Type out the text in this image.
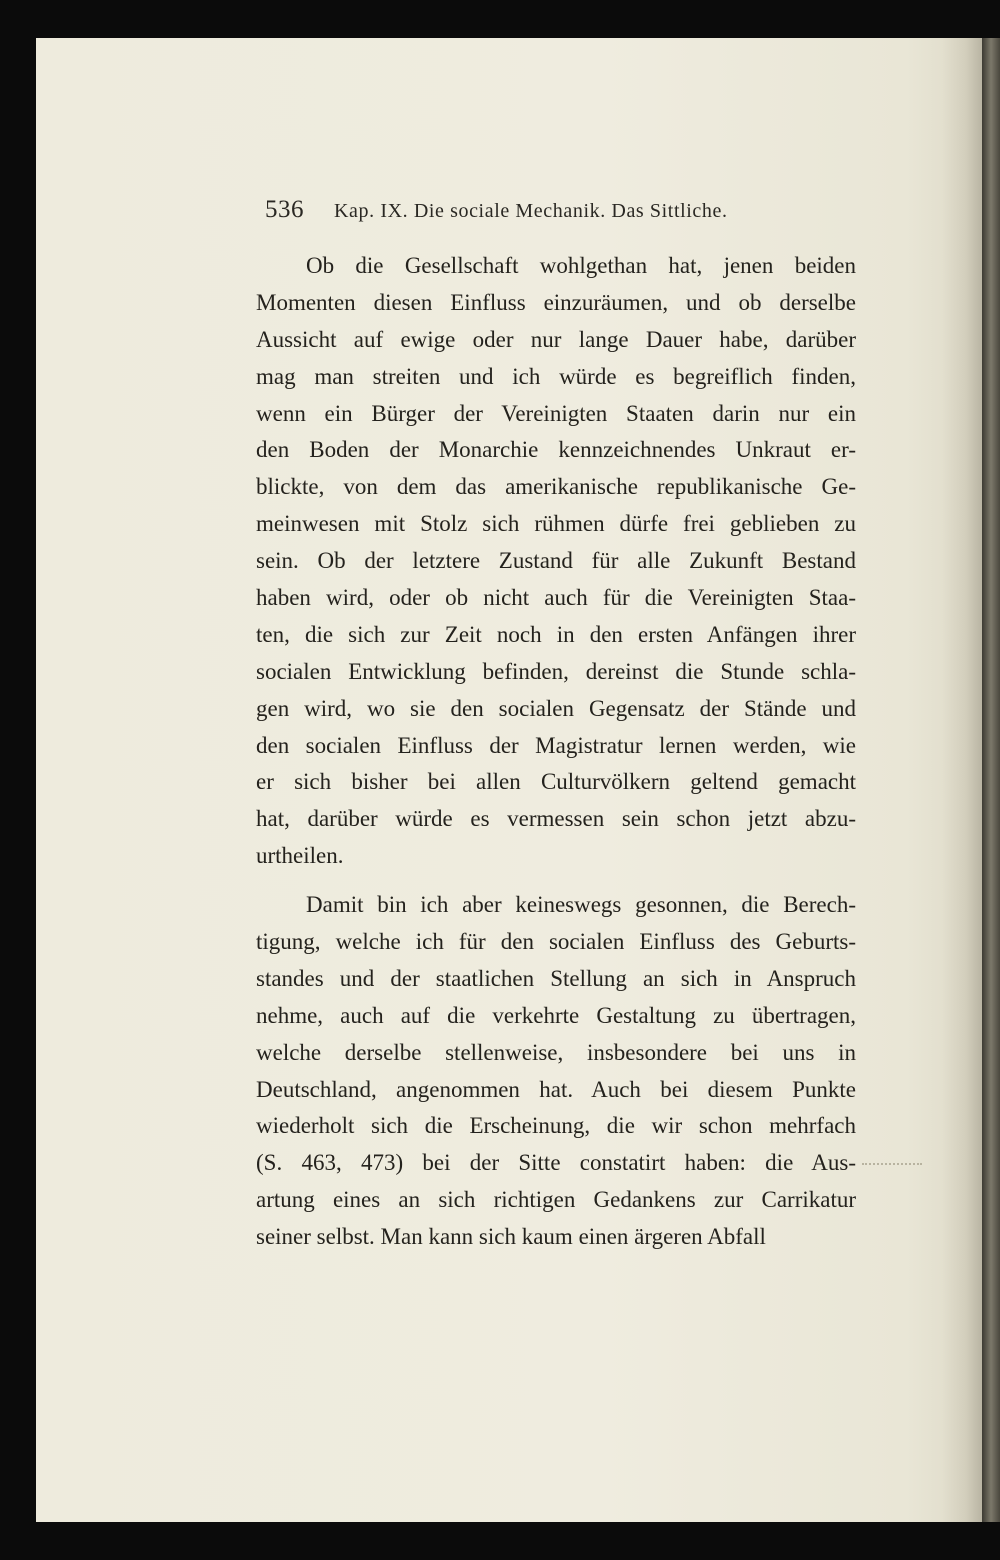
536 Kap. IX. Die sociale Mechanik. Das Sittliche.
Ob die Gesellschaft wohlgethan hat, jenen beiden
Momenten diesen Einfluss einzuräumen, und ob derselbe
Aussicht auf ewige oder nur lange Dauer habe, darüber
mag man streiten und ich würde es begreiflich finden,
wenn ein Bürger der Vereinigten Staaten darin nur ein
den Boden der Monarchie kennzeichnendes Unkraut er-
blickte, von dem das amerikanische republikanische Ge-
meinwesen mit Stolz sich rühmen dürfe frei geblieben zu
sein. Ob der letztere Zustand für alle Zukunft Bestand
haben wird, oder ob nicht auch für die Vereinigten Staa-
ten, die sich zur Zeit noch in den ersten Anfängen ihrer
socialen Entwicklung befinden, dereinst die Stunde schla-
gen wird, wo sie den socialen Gegensatz der Stände und
den socialen Einfluss der Magistratur lernen werden, wie
er sich bisher bei allen Culturvölkern geltend gemacht
hat, darüber würde es vermessen sein schon jetzt abzu-
urtheilen.
Damit bin ich aber keineswegs gesonnen, die Berech-
tigung, welche ich für den socialen Einfluss des Geburts-
standes und der staatlichen Stellung an sich in Anspruch
nehme, auch auf die verkehrte Gestaltung zu übertragen,
welche derselbe stellenweise, insbesondere bei uns in
Deutschland, angenommen hat. Auch bei diesem Punkte
wiederholt sich die Erscheinung, die wir schon mehrfach
(S. 463, 473) bei der Sitte constatirt haben: die Aus-
artung eines an sich richtigen Gedankens zur Carrikatur
seiner selbst. Man kann sich kaum einen ärgeren Abfall
